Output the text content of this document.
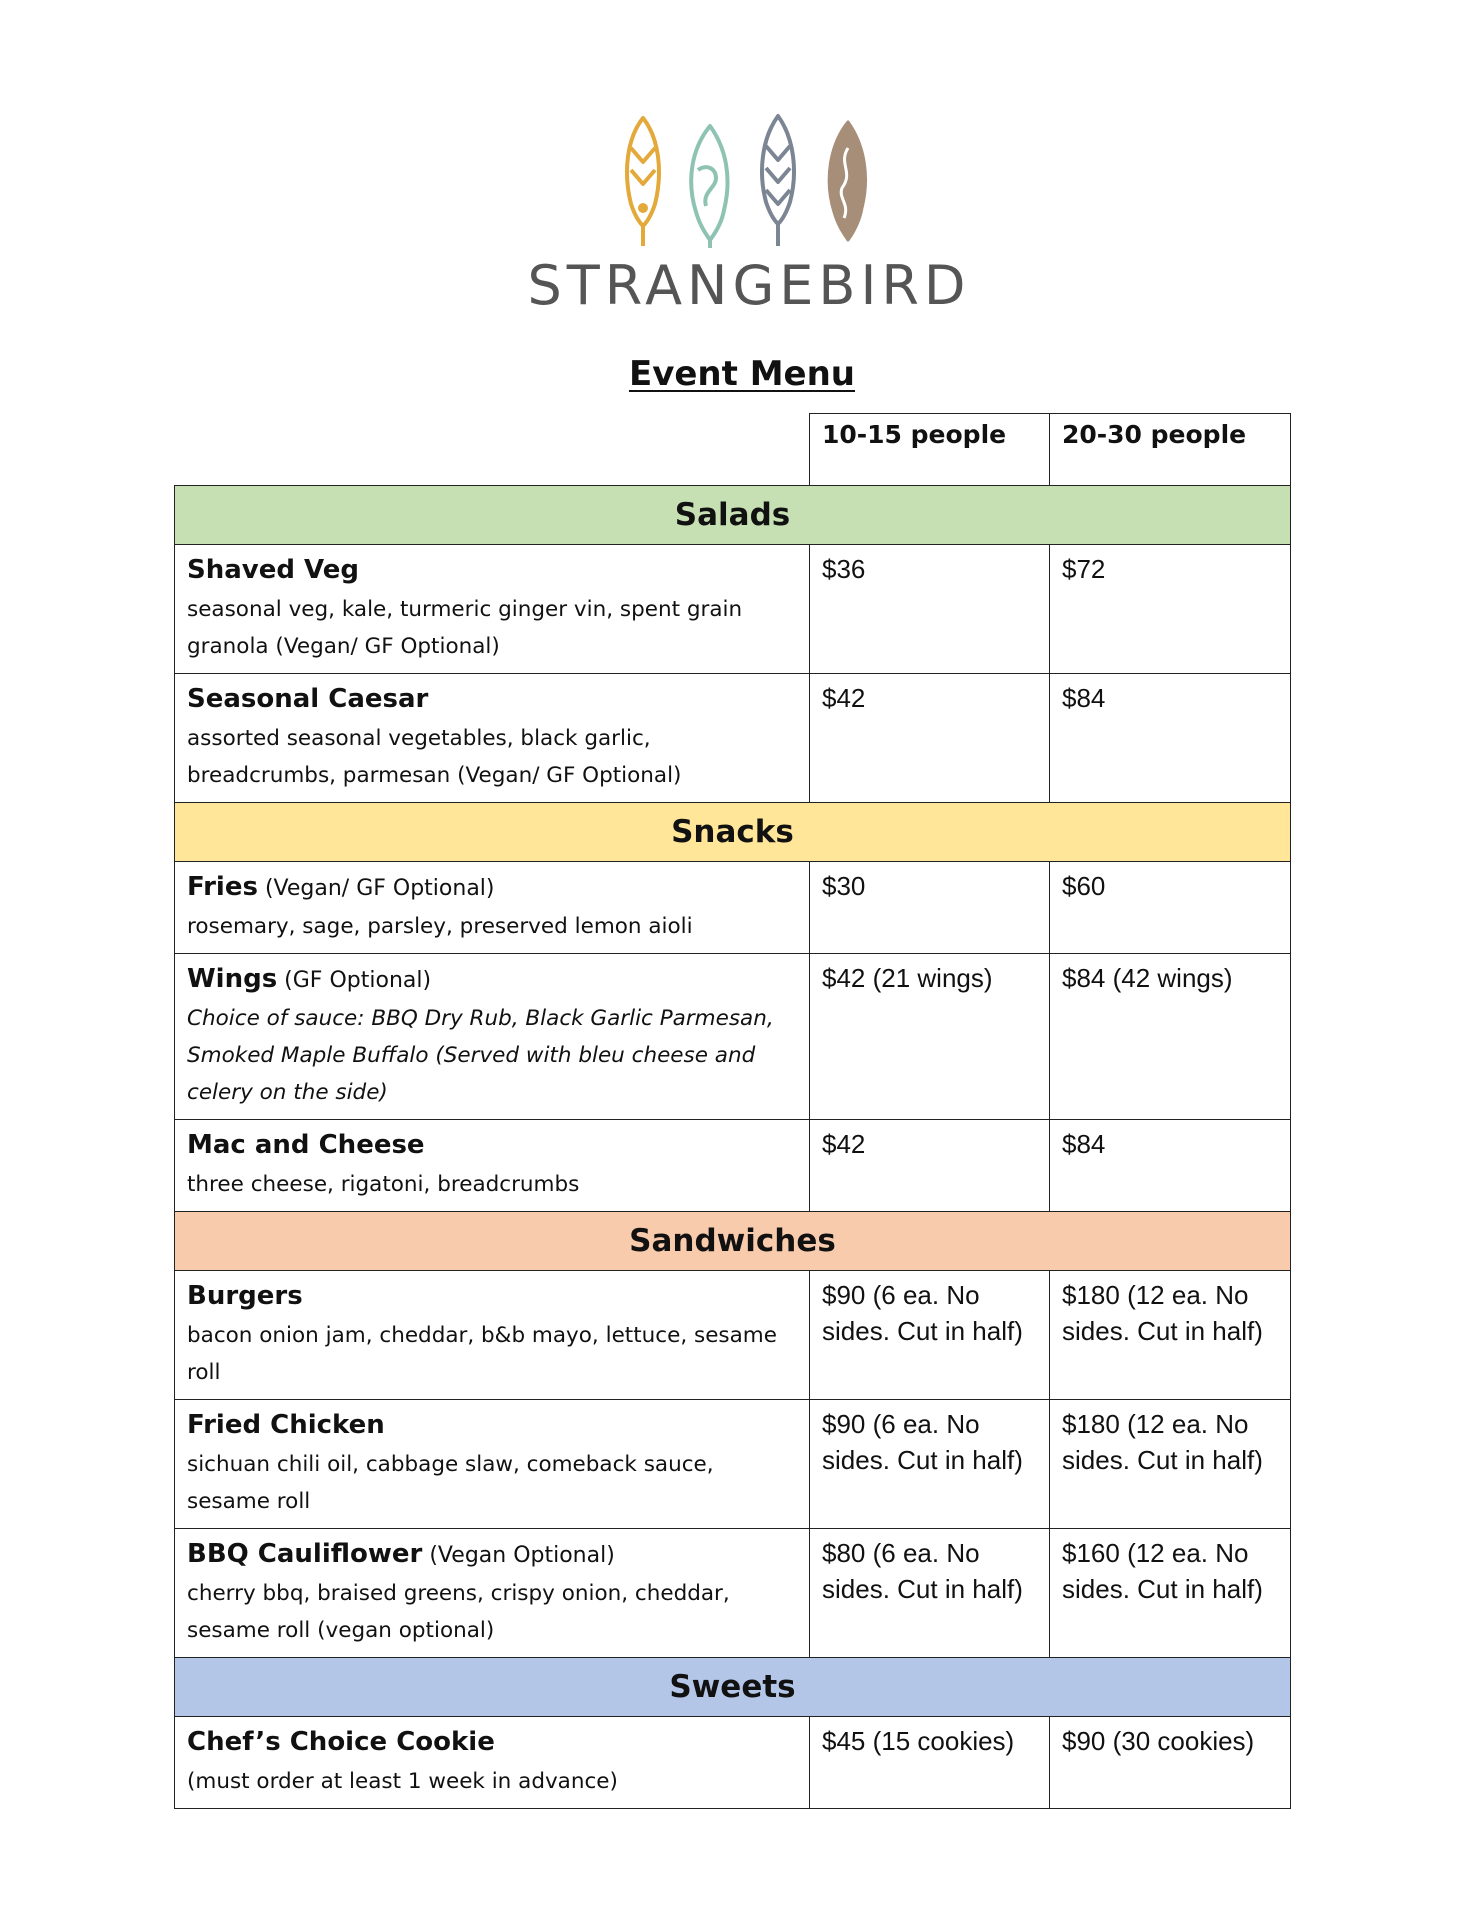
STRANGEBIRD
Event Menu
	10-15 people	20-30 people
Salads		

Shaved Veg
seasonal veg, kale, turmeric ginger vin, spent grain granola (Vegan/ GF Optional)	$36	$72

Seasonal Caesar
assorted seasonal vegetables, black garlic, breadcrumbs, parmesan (Vegan/ GF Optional)	$42	$84
Snacks		

Fries (Vegan/ GF Optional)
rosemary, sage, parsley, preserved lemon aioli	$30	$60

Wings (GF Optional)
Choice of sauce: BBQ Dry Rub, Black Garlic Parmesan, Smoked Maple Buffalo (Served with bleu cheese and celery on the side)	$42 (21 wings)	$84 (42 wings)

Mac and Cheese
three cheese, rigatoni, breadcrumbs	$42	$84
Sandwiches		

Burgers
bacon onion jam, cheddar, b&b mayo, lettuce, sesame roll	$90 (6 ea. No sides. Cut in half)	$180 (12 ea. No sides. Cut in half)

Fried Chicken
sichuan chili oil, cabbage slaw, comeback sauce, sesame roll	$90 (6 ea. No sides. Cut in half)	$180 (12 ea. No sides. Cut in half)

BBQ Cauliflower (Vegan Optional)
cherry bbq, braised greens, crispy onion, cheddar, sesame roll (vegan optional)	$80 (6 ea. No sides. Cut in half)	$160 (12 ea. No sides. Cut in half)
Sweets		

Chef’s Choice Cookie
(must order at least 1 week in advance)	$45 (15 cookies)	$90 (30 cookies)
